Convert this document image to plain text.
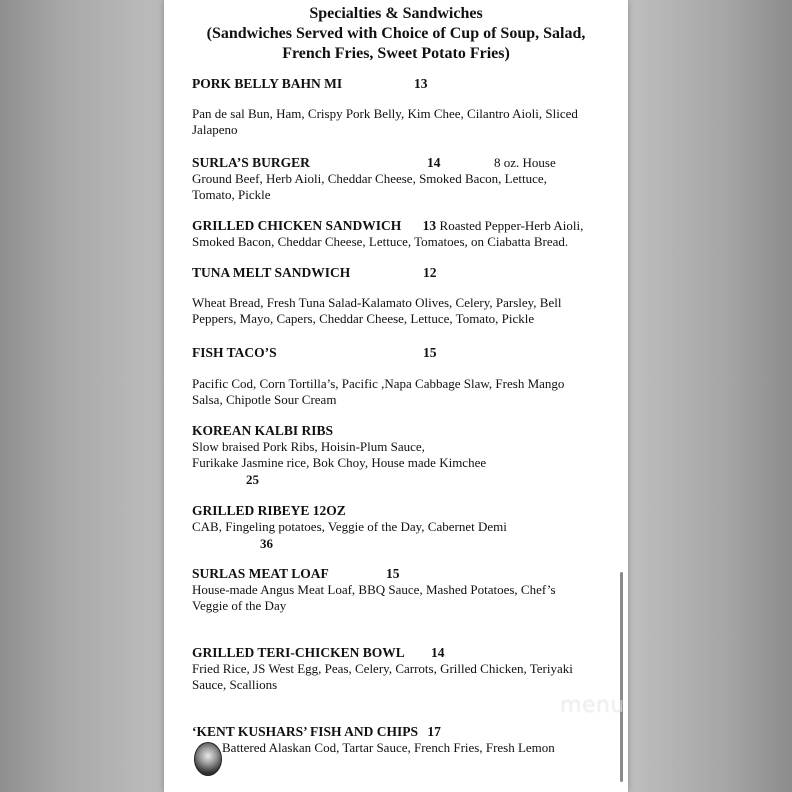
Specialties & Sandwiches
(Sandwiches Served with Choice of Cup of Soup, Salad,
French Fries, Sweet Potato Fries)
PORK BELLY BAHN MI	13
Pan de sal Bun, Ham, Crispy Pork Belly, Kim Chee, Cilantro Aioli, Sliced
Jalapeno
SURLA’S BURGER	14	8 oz. House
Ground Beef, Herb Aioli, Cheddar Cheese, Smoked Bacon, Lettuce,
Tomato, Pickle
GRILLED CHICKEN SANDWICH 13 Roasted Pepper-Herb Aioli,
Smoked Bacon, Cheddar Cheese, Lettuce, Tomatoes, on Ciabatta Bread.
TUNA MELT SANDWICH	12
Wheat Bread, Fresh Tuna Salad-Kalamato Olives, Celery, Parsley, Bell
Peppers, Mayo, Capers, Cheddar Cheese, Lettuce, Tomato, Pickle
FISH TACO’S	15
Pacific Cod, Corn Tortilla’s, Pacific ,Napa Cabbage Slaw, Fresh Mango
Salsa, Chipotle Sour Cream
KOREAN KALBI RIBS
Slow braised Pork Ribs, Hoisin-Plum Sauce,
Furikake Jasmine rice, Bok Choy, House made Kimchee
25
GRILLED RIBEYE 12OZ
CAB, Fingeling potatoes, Veggie of the Day, Cabernet Demi
36
SURLAS MEAT LOAF	15
House-made Angus Meat Loaf, BBQ Sauce, Mashed Potatoes, Chef’s
Veggie of the Day
GRILLED TERI-CHICKEN BOWL 14
Fried Rice, JS West Egg, Peas, Celery, Carrots, Grilled Chicken, Teriyaki
Sauce, Scallions
‘KENT KUSHARS’ FISH AND CHIPS 17
Battered Alaskan Cod, Tartar Sauce, French Fries, Fresh Lemon
menu
